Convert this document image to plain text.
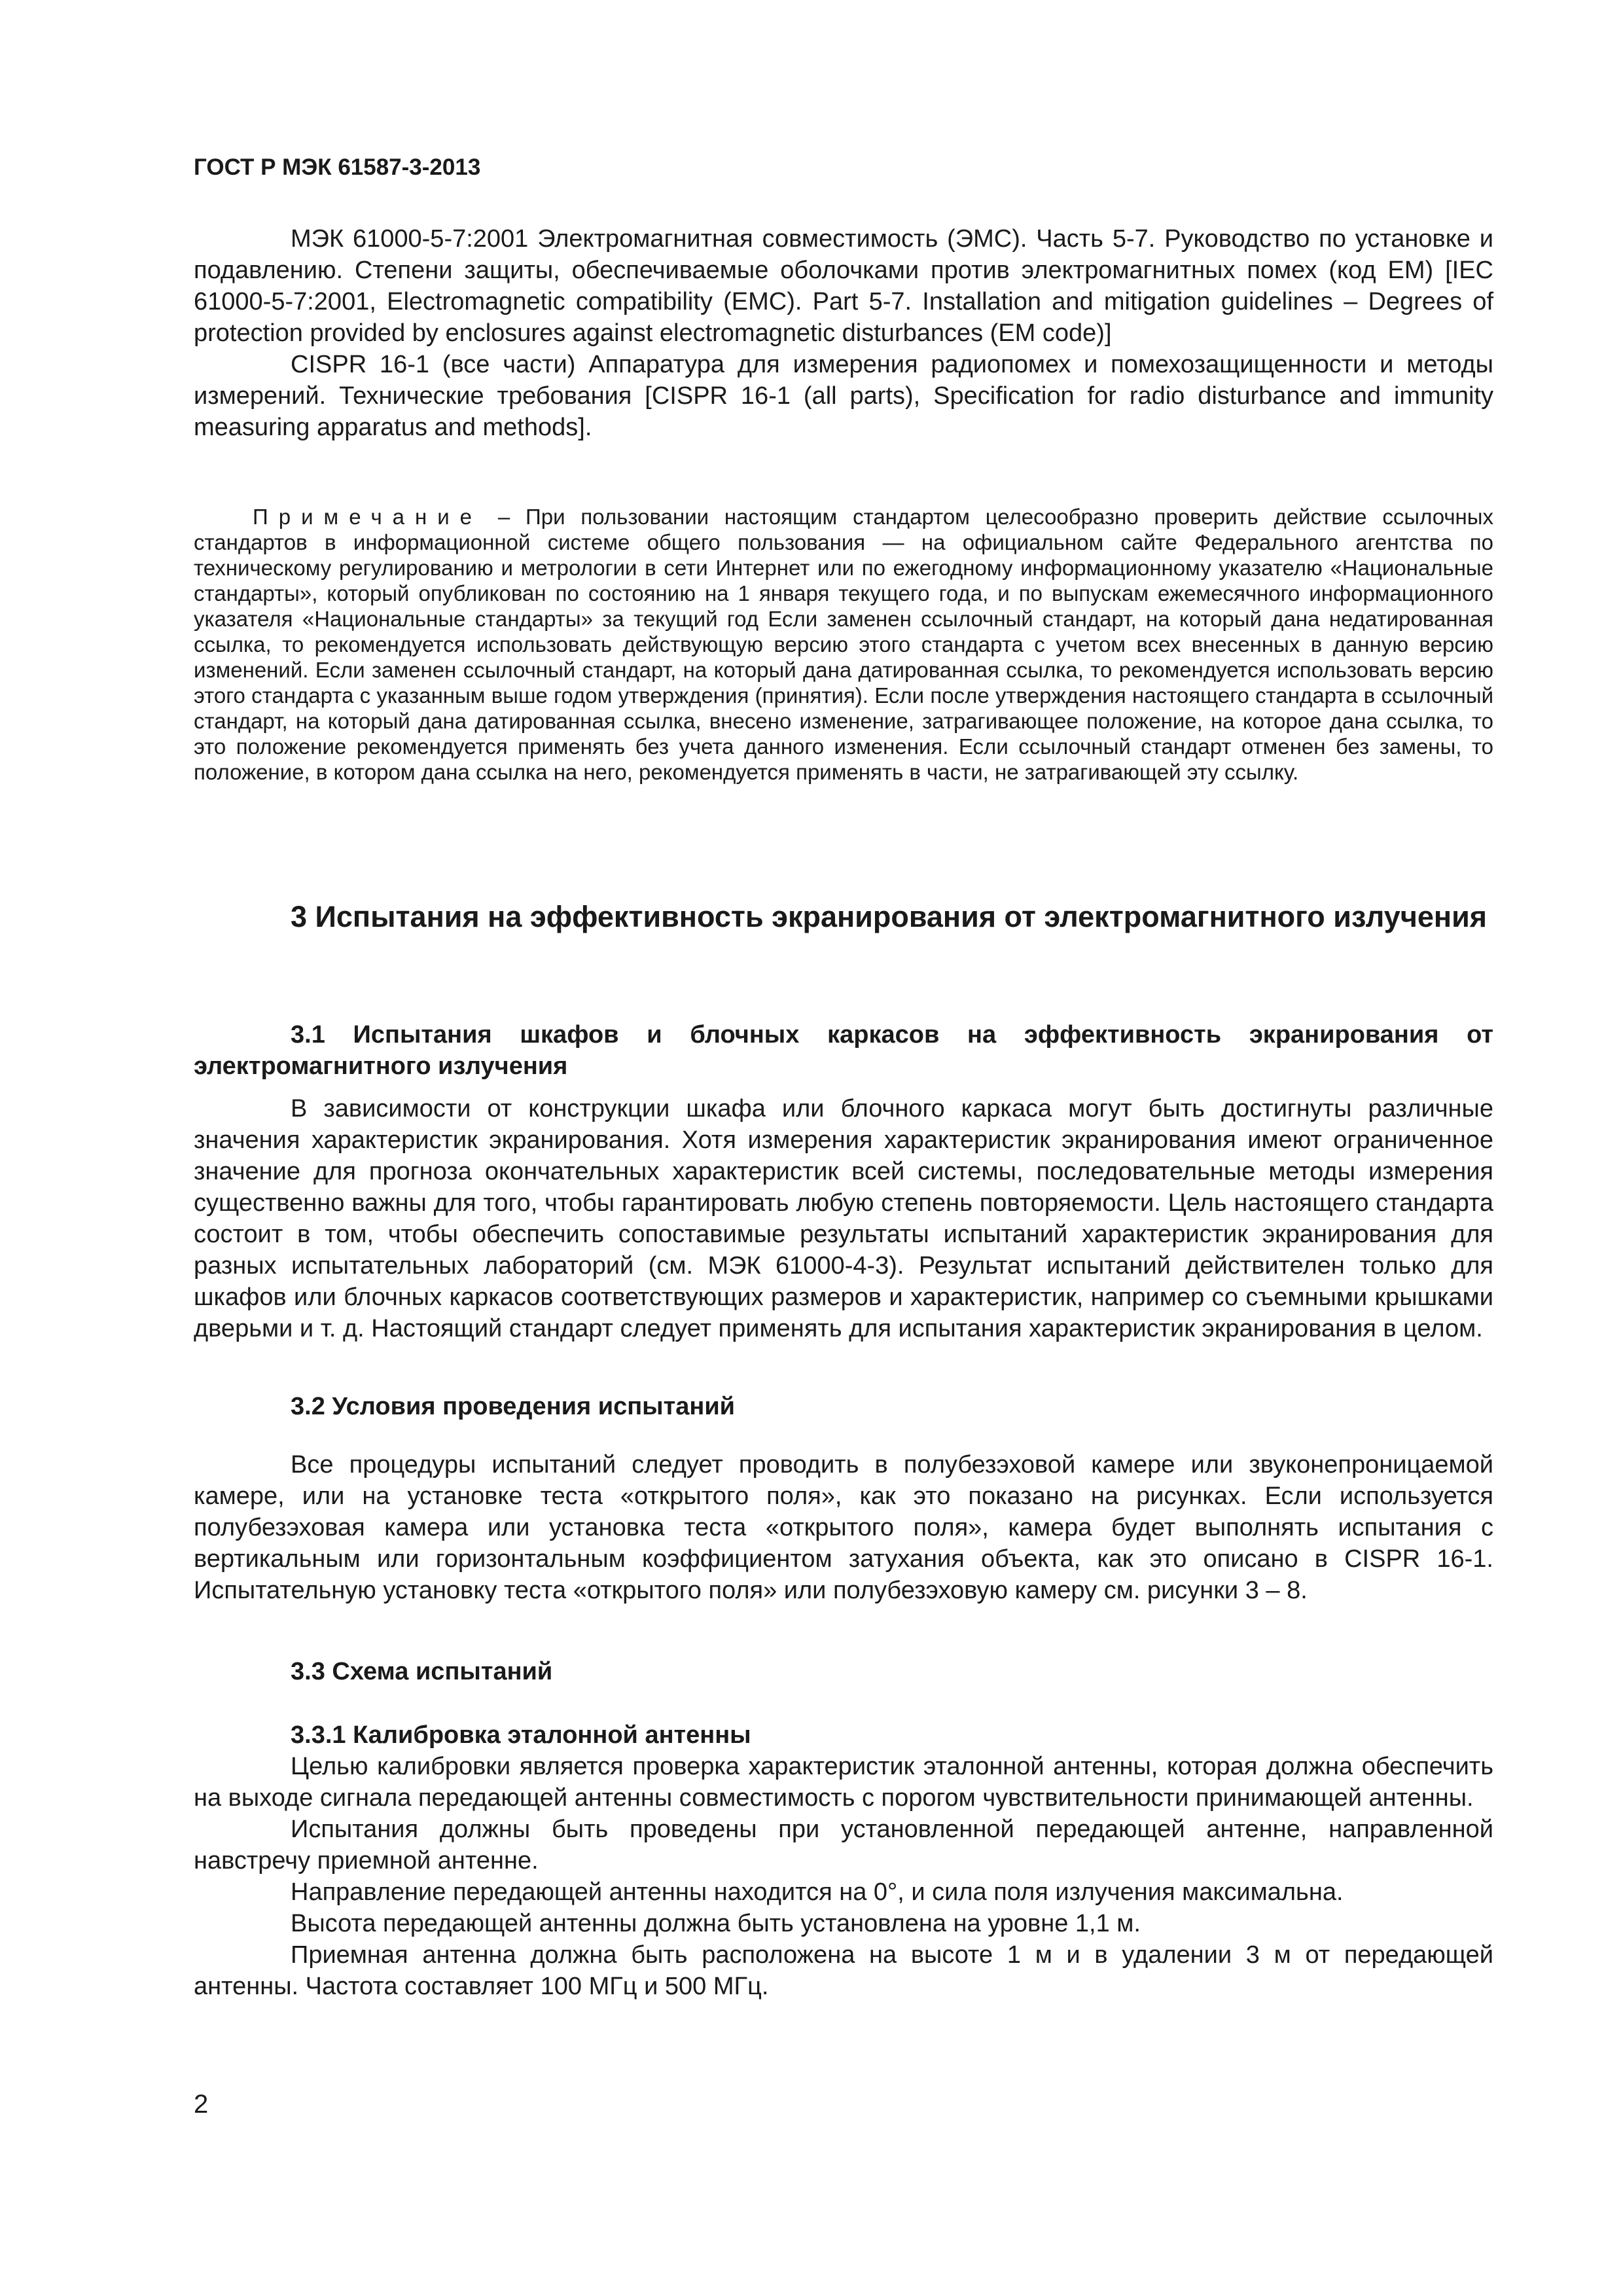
ГОСТ Р МЭК 61587-3-2013

МЭК 61000-5-7:2001 Электромагнитная совместимость (ЭМС). Часть 5-7. Руководство по установке и подавлению. Степени защиты, обеспечиваемые оболочками против электромагнитных помех (код ЕМ) [IEC 61000-5-7:2001, Electromagnetic compatibility (EMC). Part 5-7. Installation and mitigation guidelines – Degrees of protection provided by enclosures against electromagnetic disturbances (EM code)]

CISPR 16-1 (все части) Аппаратура для измерения радиопомех и помехозащищенности и методы измерений. Технические требования [CISPR 16-1 (all parts), Specification for radio disturbance and immunity measuring apparatus and methods].

Примечание – При пользовании настоящим стандартом целесообразно проверить действие ссылочных стандартов в информационной системе общего пользования — на официальном сайте Федерального агентства по техническому регулированию и метрологии в сети Интернет или по ежегодному информационному указателю «Национальные стандарты», который опубликован по состоянию на 1 января текущего года, и по выпускам ежемесячного информационного указателя «Национальные стандарты» за текущий год Если заменен ссылочный стандарт, на который дана недатированная ссылка, то рекомендуется использовать действующую версию этого стандарта с учетом всех внесенных в данную версию изменений. Если заменен ссылочный стандарт, на который дана датированная ссылка, то рекомендуется использовать версию этого стандарта с указанным выше годом утверждения (принятия). Если после утверждения настоящего стандарта в ссылочный стандарт, на который дана датированная ссылка, внесено изменение, затрагивающее положение, на которое дана ссылка, то это положение рекомендуется применять без учета данного изменения. Если ссылочный стандарт отменен без замены, то положение, в котором дана ссылка на него, рекомендуется применять в части, не затрагивающей эту ссылку.

3 Испытания на эффективность экранирования от электромагнитного излучения

3.1 Испытания шкафов и блочных каркасов на эффективность экранирования от электромагнитного излучения

В зависимости от конструкции шкафа или блочного каркаса могут быть достигнуты различные значения характеристик экранирования. Хотя измерения характеристик экранирования имеют ограниченное значение для прогноза окончательных характеристик всей системы, последовательные методы измерения существенно важны для того, чтобы гарантировать любую степень повторяемости. Цель настоящего стандарта состоит в том, чтобы обеспечить сопоставимые результаты испытаний характеристик экранирования для разных испытательных лабораторий (см. МЭК 61000-4-3). Результат испытаний действителен только для шкафов или блочных каркасов соответствующих размеров и характеристик, например со съемными крышками дверьми и т. д. Настоящий стандарт следует применять для испытания характеристик экранирования в целом.

3.2 Условия проведения испытаний

Все процедуры испытаний следует проводить в полубезэховой камере или звуконепроницаемой камере, или на установке теста «открытого поля», как это показано на рисунках. Если используется полубезэховая камера или установка теста «открытого поля», камера будет выполнять испытания с вертикальным или горизонтальным коэффициентом затухания объекта, как это описано в CISPR 16-1. Испытательную установку теста «открытого поля» или полубезэховую камеру см. рисунки 3 – 8.

3.3 Схема испытаний

3.3.1 Калибровка эталонной антенны

Целью калибровки является проверка характеристик эталонной антенны, которая должна обеспечить на выходе сигнала передающей антенны совместимость с порогом чувствительности принимающей антенны.

Испытания должны быть проведены при установленной передающей антенне, направленной навстречу приемной антенне.

Направление передающей антенны находится на 0°, и сила поля излучения максимальна.

Высота передающей антенны должна быть установлена на уровне 1,1 м.

Приемная антенна должна быть расположена на высоте 1 м и в удалении 3 м от передающей антенны. Частота составляет 100 МГц и 500 МГц.

2
